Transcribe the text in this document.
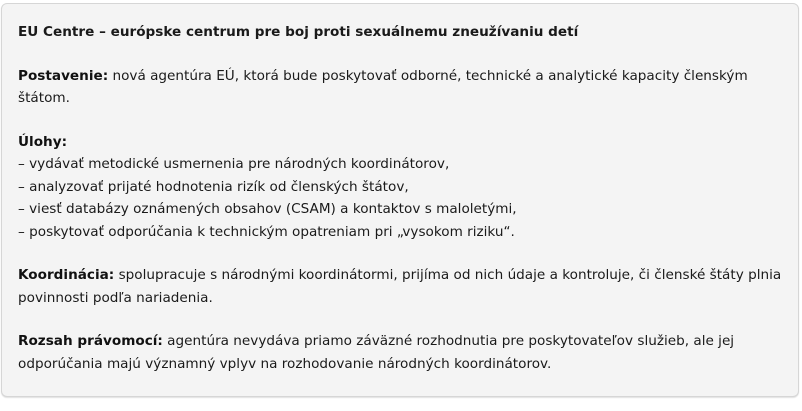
EU Centre – európske centrum pre boj proti sexuálnemu zneužívaniu detí

Postavenie: nová agentúra EÚ, ktorá bude poskytovať odborné, technické a analytické kapacity členským štátom.

Úlohy:

– vydávať metodické usmernenia pre národných koordinátorov,

– analyzovať prijaté hodnotenia rizík od členských štátov,

– viesť databázy oznámených obsahov (CSAM) a kontaktov s maloletými,

– poskytovať odporúčania k technickým opatreniam pri „vysokom riziku“.

Koordinácia: spolupracuje s národnými koordinátormi, prijíma od nich údaje a kontroluje, či členské štáty plnia povinnosti podľa nariadenia.

Rozsah právomocí: agentúra nevydáva priamo záväzné rozhodnutia pre poskytovateľov služieb, ale jej odporúčania majú významný vplyv na rozhodovanie národných koordinátorov.
